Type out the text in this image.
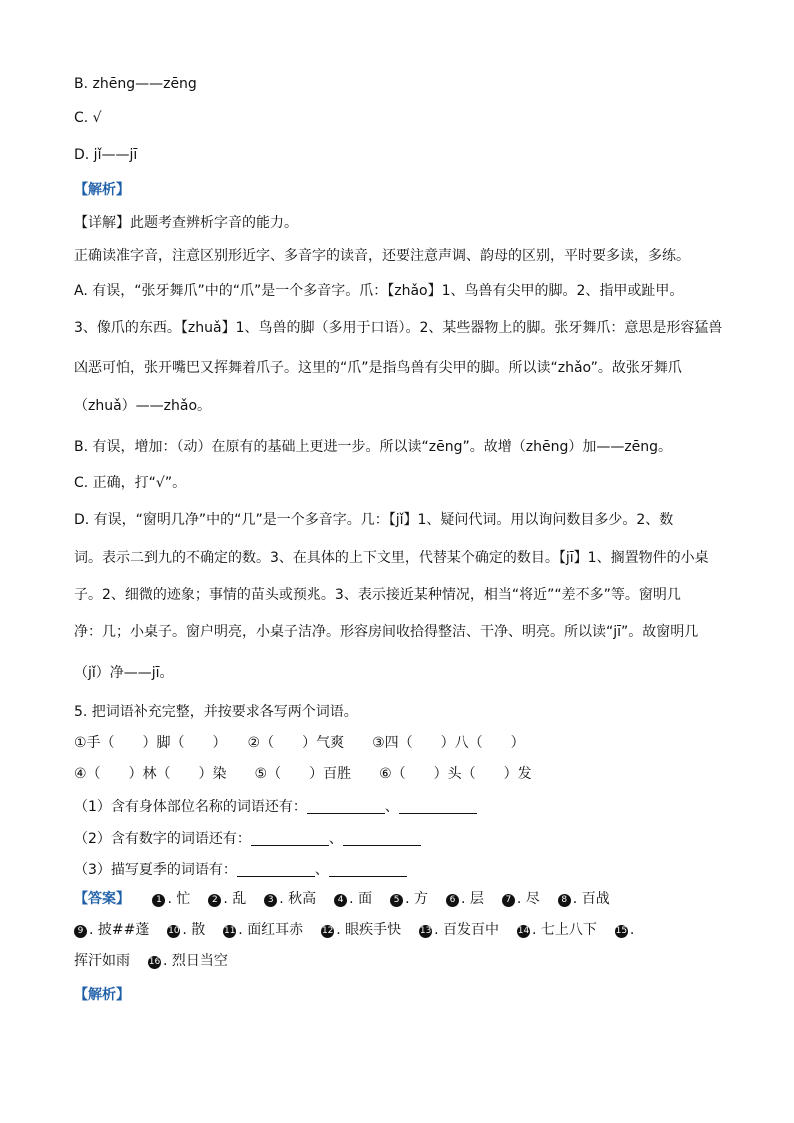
B. zhēng——zēng
C. √
D. jǐ——jī
【解析】
【详解】此题考查辨析字音的能力。
正确读准字音，注意区别形近字、多音字的读音，还要注意声调、韵母的区别，平时要多读，多练。
A. 有误，“张牙舞爪”中的“爪”是一个多音字。爪：【zhǎo】1、鸟兽有尖甲的脚。2、指甲或趾甲。
3、像爪的东西。【zhuǎ】1、鸟兽的脚（多用于口语）。2、某些器物上的脚。张牙舞爪：意思是形容猛兽
凶恶可怕，张开嘴巴又挥舞着爪子。这里的“爪”是指鸟兽有尖甲的脚。所以读“zhǎo”。故张牙舞爪
（zhuǎ）——zhǎo。
B. 有误，增加：（动）在原有的基础上更进一步。所以读“zēng”。故增（zhēng）加——zēng。
C. 正确，打“√”。
D. 有误，“窗明几净”中的“几”是一个多音字。几：【jǐ】1、疑问代词。用以询问数目多少。2、数
词。表示二到九的不确定的数。3、在具体的上下文里，代替某个确定的数目。【jī】1、搁置物件的小桌
子。2、细微的迹象；事情的苗头或预兆。3、表示接近某种情况，相当“将近”“差不多”等。窗明几
净：几；小桌子。窗户明亮，小桌子洁净。形容房间收拾得整洁、干净、明亮。所以读“jī”。故窗明几
（jǐ）净——jī。
5. 把词语补充完整，并按要求各写两个词语。
①手（　　）脚（　　）　　②（　　）气爽　　③四（　　）八（　　）
④（　　）林（　　）染　　⑤（　　）百胜　　⑥（　　）头（　　）发
（1）含有身体部位名称的词语还有：	、
（2）含有数字的词语还有：	、
（3）描写夏季的词语有：	、
【答案】	1 . 忙 2 . 乱 3 . 秋高 4 . 面 5 . 方 6 . 层 7 . 尽 8 . 百战
9 . 披##蓬 10 . 散 11 . 面红耳赤 12 . 眼疾手快 13 . 百发百中 14 . 七上八下 15 .
挥汗如雨 16 . 烈日当空
【解析】
